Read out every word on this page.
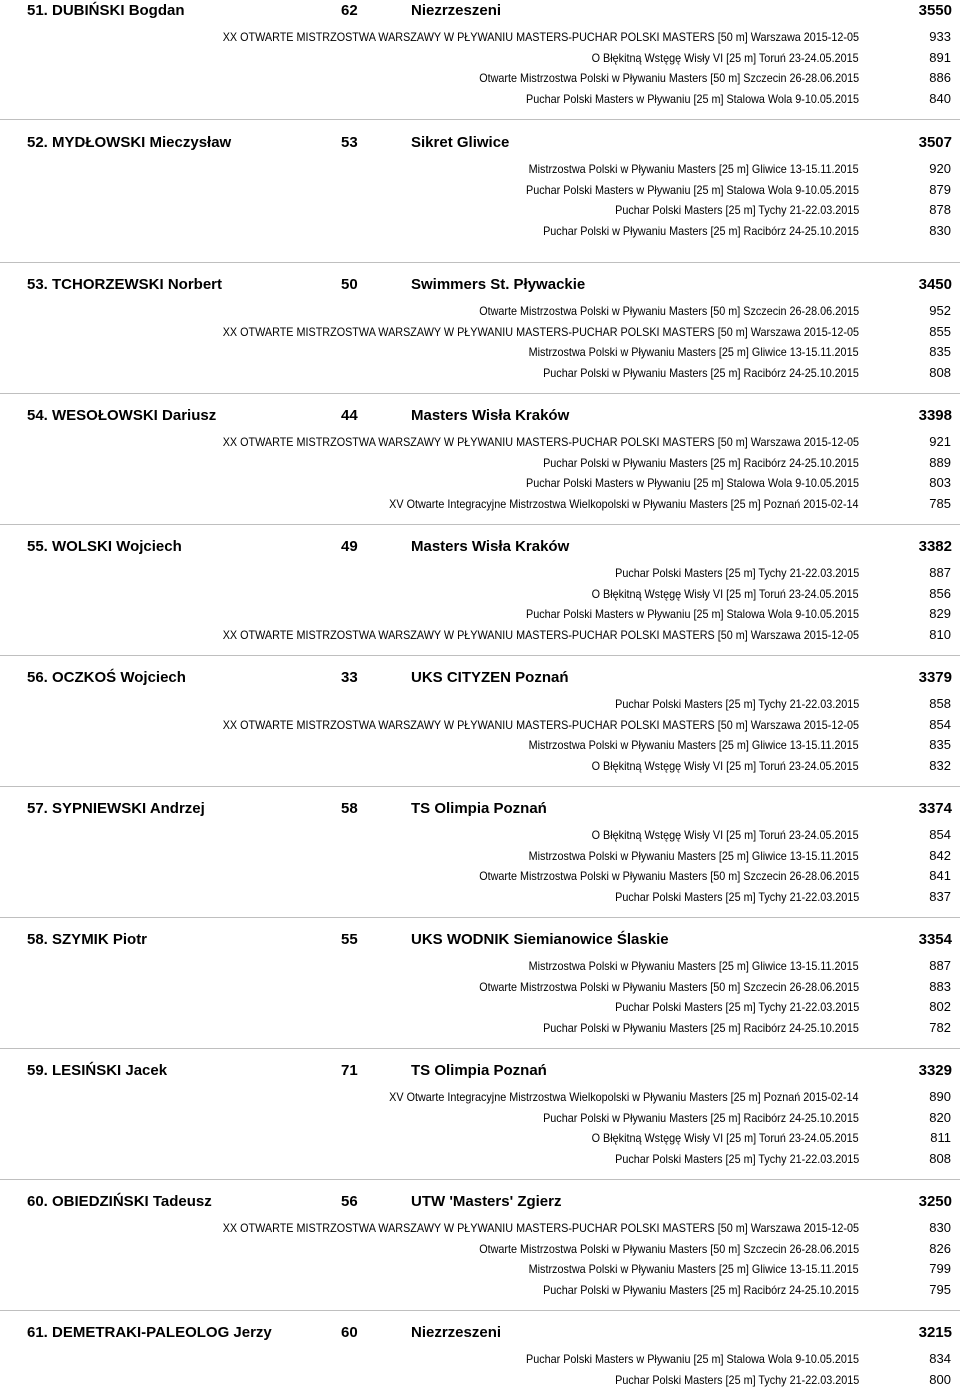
51. DUBIŃSKI Bogdan	62	Niezrzeszeni	3550
XX OTWARTE MISTRZOSTWA WARSZAWY W PŁYWANIU MASTERS-PUCHAR POLSKI MASTERS [50 m] Warszawa 2015-12-05	933
O Błękitną Wstęgę Wisły VI [25 m] Toruń 23-24.05.2015	891
Otwarte Mistrzostwa Polski w Pływaniu Masters [50 m] Szczecin 26-28.06.2015	886
Puchar Polski Masters w Pływaniu [25 m] Stalowa Wola 9-10.05.2015	840
52. MYDŁOWSKI Mieczysław	53	Sikret Gliwice	3507
Mistrzostwa Polski w Pływaniu Masters [25 m] Gliwice 13-15.11.2015	920
Puchar Polski Masters w Pływaniu [25 m] Stalowa Wola 9-10.05.2015	879
Puchar Polski Masters [25 m] Tychy 21-22.03.2015	878
Puchar Polski w Pływaniu Masters [25 m] Racibórz 24-25.10.2015	830
53. TCHORZEWSKI Norbert	50	Swimmers St. Pływackie	3450
Otwarte Mistrzostwa Polski w Pływaniu Masters [50 m] Szczecin 26-28.06.2015	952
XX OTWARTE MISTRZOSTWA WARSZAWY W PŁYWANIU MASTERS-PUCHAR POLSKI MASTERS [50 m] Warszawa 2015-12-05	855
Mistrzostwa Polski w Pływaniu Masters [25 m] Gliwice 13-15.11.2015	835
Puchar Polski w Pływaniu Masters [25 m] Racibórz 24-25.10.2015	808
54. WESOŁOWSKI Dariusz	44	Masters Wisła Kraków	3398
XX OTWARTE MISTRZOSTWA WARSZAWY W PŁYWANIU MASTERS-PUCHAR POLSKI MASTERS [50 m] Warszawa 2015-12-05	921
Puchar Polski w Pływaniu Masters [25 m] Racibórz 24-25.10.2015	889
Puchar Polski Masters w Pływaniu [25 m] Stalowa Wola 9-10.05.2015	803
XV Otwarte Integracyjne Mistrzostwa Wielkopolski w Pływaniu Masters [25 m] Poznań 2015-02-14	785
55. WOLSKI Wojciech	49	Masters Wisła Kraków	3382
Puchar Polski Masters [25 m] Tychy 21-22.03.2015	887
O Błękitną Wstęgę Wisły VI [25 m] Toruń 23-24.05.2015	856
Puchar Polski Masters w Pływaniu [25 m] Stalowa Wola 9-10.05.2015	829
XX OTWARTE MISTRZOSTWA WARSZAWY W PŁYWANIU MASTERS-PUCHAR POLSKI MASTERS [50 m] Warszawa 2015-12-05	810
56. OCZKOŚ Wojciech	33	UKS CITYZEN Poznań	3379
Puchar Polski Masters [25 m] Tychy 21-22.03.2015	858
XX OTWARTE MISTRZOSTWA WARSZAWY W PŁYWANIU MASTERS-PUCHAR POLSKI MASTERS [50 m] Warszawa 2015-12-05	854
Mistrzostwa Polski w Pływaniu Masters [25 m] Gliwice 13-15.11.2015	835
O Błękitną Wstęgę Wisły VI [25 m] Toruń 23-24.05.2015	832
57. SYPNIEWSKI Andrzej	58	TS Olimpia Poznań	3374
O Błękitną Wstęgę Wisły VI [25 m] Toruń 23-24.05.2015	854
Mistrzostwa Polski w Pływaniu Masters [25 m] Gliwice 13-15.11.2015	842
Otwarte Mistrzostwa Polski w Pływaniu Masters [50 m] Szczecin 26-28.06.2015	841
Puchar Polski Masters [25 m] Tychy 21-22.03.2015	837
58. SZYMIK Piotr	55	UKS WODNIK Siemianowice Ślaskie	3354
Mistrzostwa Polski w Pływaniu Masters [25 m] Gliwice 13-15.11.2015	887
Otwarte Mistrzostwa Polski w Pływaniu Masters [50 m] Szczecin 26-28.06.2015	883
Puchar Polski Masters [25 m] Tychy 21-22.03.2015	802
Puchar Polski w Pływaniu Masters [25 m] Racibórz 24-25.10.2015	782
59. LESIŃSKI Jacek	71	TS Olimpia Poznań	3329
XV Otwarte Integracyjne Mistrzostwa Wielkopolski w Pływaniu Masters [25 m] Poznań 2015-02-14	890
Puchar Polski w Pływaniu Masters [25 m] Racibórz 24-25.10.2015	820
O Błękitną Wstęgę Wisły VI [25 m] Toruń 23-24.05.2015	811
Puchar Polski Masters [25 m] Tychy 21-22.03.2015	808
60. OBIEDZIŃSKI Tadeusz	56	UTW 'Masters' Zgierz	3250
XX OTWARTE MISTRZOSTWA WARSZAWY W PŁYWANIU MASTERS-PUCHAR POLSKI MASTERS [50 m] Warszawa 2015-12-05	830
Otwarte Mistrzostwa Polski w Pływaniu Masters [50 m] Szczecin 26-28.06.2015	826
Mistrzostwa Polski w Pływaniu Masters [25 m] Gliwice 13-15.11.2015	799
Puchar Polski w Pływaniu Masters [25 m] Racibórz 24-25.10.2015	795
61. DEMETRAKI-PALEOLOG Jerzy	60	Niezrzeszeni	3215
Puchar Polski Masters w Pływaniu [25 m] Stalowa Wola 9-10.05.2015	834
Puchar Polski Masters [25 m] Tychy 21-22.03.2015	800
